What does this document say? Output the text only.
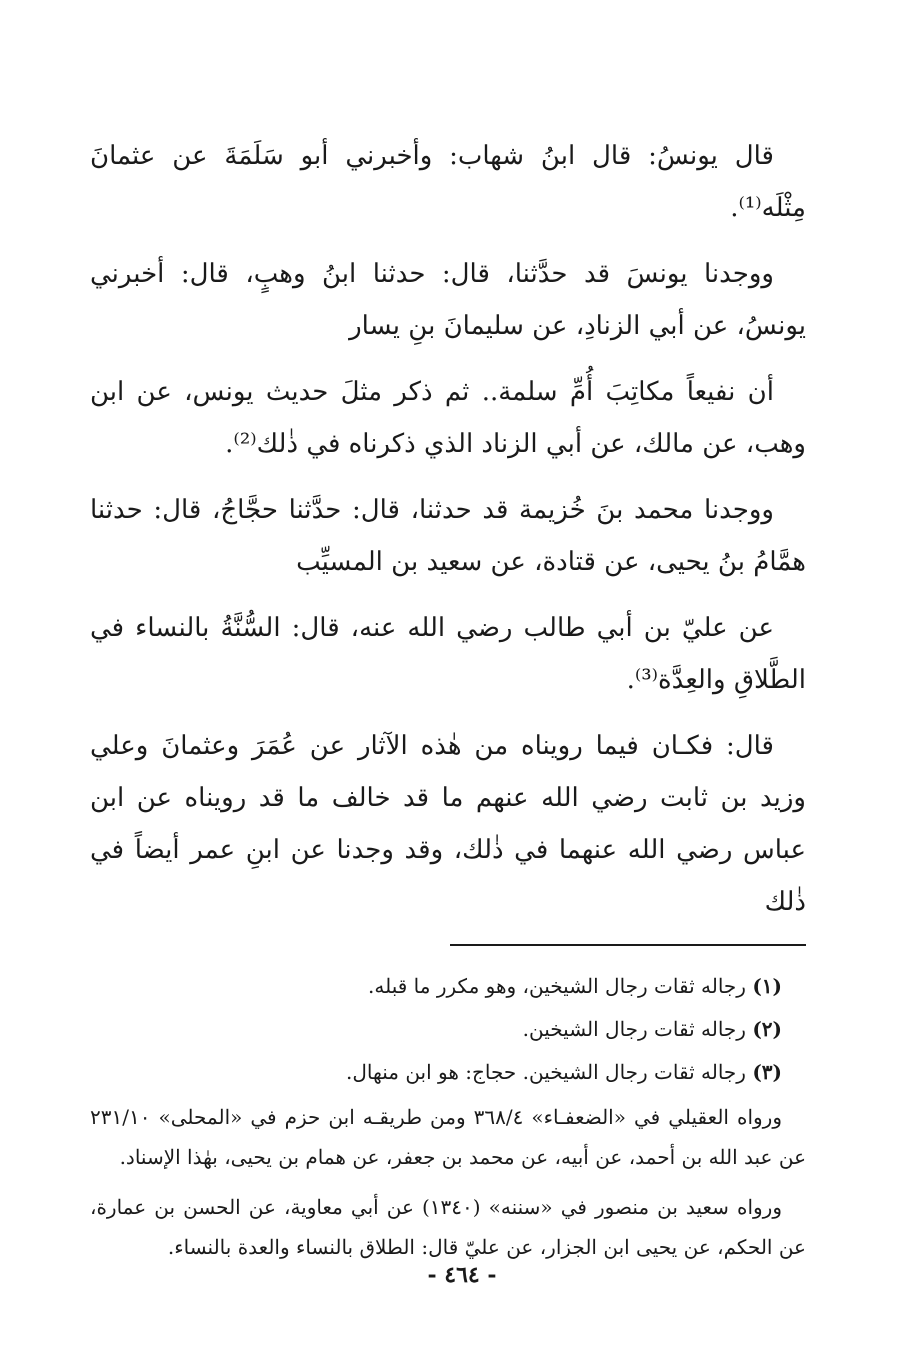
قال يونسُ: قال ابنُ شهاب: وأخبرني أبو سَلَمَةَ عن عثمانَ مِثْلَه⁽¹⁾.

ووجدنا يونسَ قد حدَّثنا، قال: حدثنا ابنُ وهبٍ، قال: أخبرني يونسُ، عن أبي الزنادِ، عن سليمانَ بنِ يسار

أن نفيعاً مكاتِبَ أُمِّ سلمة.. ثم ذكر مثلَ حديث يونس، عن ابن وهب، عن مالك، عن أبي الزناد الذي ذكرناه في ذٰلك⁽²⁾.

ووجدنا محمد بنَ خُزيمة قد حدثنا، قال: حدَّثنا حجَّاجُ، قال: حدثنا همَّامُ بنُ يحيى، عن قتادة، عن سعيد بن المسيِّب

عن عليّ بن أبي طالب رضي الله عنه، قال: السُّنَّةُ بالنساء في الطَّلاقِ والعِدَّة⁽³⁾.

قال: فكـان فيما رويناه من هٰذه الآثار عن عُمَرَ وعثمانَ وعلي وزيد بن ثابت رضي الله عنهم ما قد خالف ما قد رويناه عن ابن عباس رضي الله عنهما في ذٰلك، وقد وجدنا عن ابنِ عمر أيضاً في ذٰلك

(١) رجاله ثقات رجال الشيخين، وهو مكرر ما قبله.
(٢) رجاله ثقات رجال الشيخين.
(٣) رجاله ثقات رجال الشيخين. حجاج: هو ابن منهال.

ورواه العقيلي في «الضعفـاء» ٣٦٨/٤ ومن طريقـه ابن حزم في «المحلى» ٢٣١/١٠ عن عبد الله بن أحمد، عن أبيه، عن محمد بن جعفر، عن همام بن يحيى، بهٰذا الإسناد.

ورواه سعيد بن منصور في «سننه» (١٣٤٠) عن أبي معاوية، عن الحسن بن عمارة، عن الحكم، عن يحيى ابن الجزار، عن عليّ قال: الطلاق بالنساء والعدة بالنساء.

- ٤٦٤ -
